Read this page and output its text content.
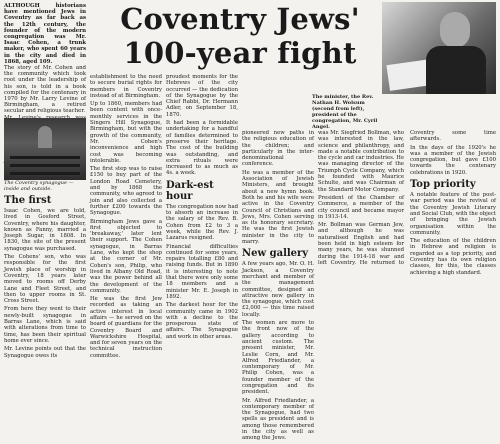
ALTHOUGH historians have mentioned Jews in Coventry as far back as the 12th century, the founder of the modern congregation was Mr. Isaac Cohen, a trunk maker, who spent 60 years in the city and died in 1868, aged 109.

The story of Mr. Cohen and the community which took root under the leadership of his son, is told in a book compiled for the centenary in 1970 by Mr. Larry Levine of Birmingham, a retired secular and religious teacher.

The Coventry synagogue — inside and outside.
Coventry Jews'
100-year fight
The first

Isaac Cohen, we are told, lived in Gosford Street, Coventry, where his daughter, known as Fanny, married a Joseph Sugar, in 1808. In 1830, the site of the present synagogue was purchased.

The Cohens' son, who was responsible for the first Jewish place of worship in Coventry, 18 years later moved to rooms off Derby Lane and Fleet Street, and then to upper rooms in St. Cross Street.

From here they went to their newly-built synagogue in Barras Lane, which is said with alterations from time to time, has been their spiritual home ever since.

Mr. Levine points out that the Synagogue owes its

establishment to the need to secure burial rights for members in Coventry instead of at Birmingham.

Up to 1860, members had been content with once-monthly services in the Singers Hill Synagogue, Birmingham, but with the growth of the community, Mr. Cohen's inconvenience and high cost was becoming intolerable.

The first step was to raise £150 to buy part of the London Road Cemetery, and by 1868 the community, who agreed to join and also collected a further £200 towards the Synagogue.

Birmingham Jews gave a first objected to 'breakaway,' later lent their support. The Cohen synagogue, in Barras Lane, who kept the shop at the corner of Mr. Cohen's son, Philip, who lived in Albany Old Road, was the power behind all the development of the community.

He was the first Jew recorded as taking an active interest in local affairs — he served on the board of guardians for the Coventry Board and Warwickshire Hospital, and for seven years on the technical instruction committee.

proudest moments for the Hebrews of the city occurred — the dedication of the Synagogue by the Chief Rabbi, Dr. Hermann Adler, on September 18, 1870.

It had been a formidable undertaking for a handful of families determined to preserve their heritage. The cost of the building was outstanding, and extra rituals were increased to as much as 4s. a week.

Dark-est hour

The congregation now had to absorb an increase in the salary of the Rev. B. Cohen from £2 to 3 a week, while the Rev. J. Lazarus resigned.

Financial difficulties continued for some years, repairs totalling £80 and raising funds. But in 1890 it is interesting to note that there were only some 18 members and a minister Mr. E. Joseph in 1892.

The darkest hour for the community came in 1902 with a decline to the prosperous state of affairs. The Synagogue and work in other areas.

pioneered new paths in the religious education of the children; and particularly in the inter-denominational conference.

He was a member of the Association of Jewish Ministers, and brought about a new hymn book. Both he and his wife were active in the Coventry Council of Christians and Jews, Mrs. Cohen serving as its honorary secretary. He was the first Jewish minister in the city to marry.

New gallery

A few years ago, Mr. O. H. Jackson, a Coventry merchant and member of the management committee, designed an attractive new gallery in the synagogue, which cost £2,000 — this time raised locally.

The women are more to the front now of the gallery according to ancient custom. The present minister, Mr. Leslie Corn, and Mr. Alfred Friedlander, a contemporary of Mr. Philip Cohen, was a founder member of the congregation and its president.

Mr. Alfred Friedlander, a contemporary member of the Synagogue, had two spells as president and is among those remembered in the city as well as among the Jews.

The minister, the Rev. Nathan H. Wolsum (second from left), president of the congregation, Mr. Cyril Angel.

was Mr. Siegfried Bollman, who was interested in the law, science and philanthropy, and made a notable contribution to the cycle and car industries. He was managing director of the Triumph Cycle Company, which he founded with Maurice Schulte, and was Chairman of the Standard Motor Company.

President of the Chamber of Commerce, a member of the city council and became mayor in 1913-14.

Mr. Bollman was German Jew, and although he was naturalised English and had been held in high esteem for many years, he was shunned during the 1914-18 war and left Coventry. He returned to Coventry some time afterwards.

In the days of the 1920's he was a member of the Jewish congregation, but gave £100 towards the centenary celebrations in 1920.

Top priority

A notable feature of the post-war period was the revival of the Coventry Jewish Literary and Social Club, with the object of bringing the Jewish organisation within the community.

The education of the children in Hebrew and religion is regarded as a top priority, and Coventry has its own religion classes, for this, the classes achieving a high standard.
